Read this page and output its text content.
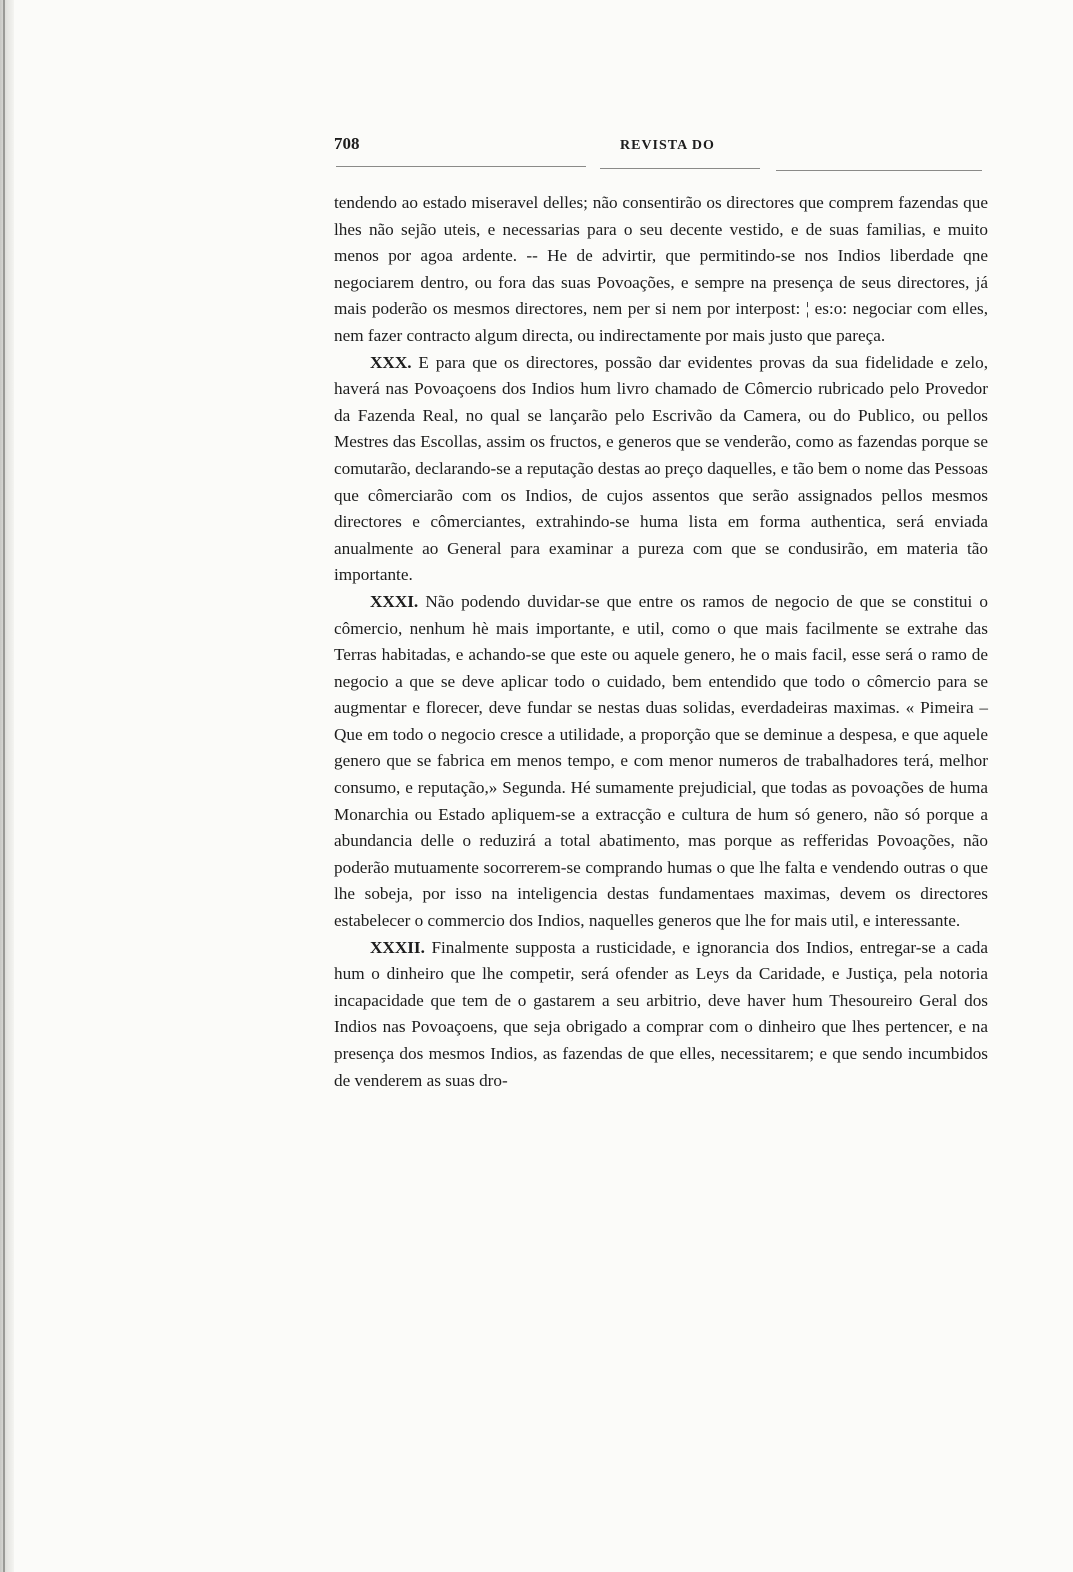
708	REVISTA DO

tendendo ao estado miseravel delles; não consentirão os directores que comprem fazendas que lhes não sejão uteis, e necessarias para o seu decente vestido, e de suas familias, e muito menos por agoa ardente. -- He de advirtir, que permitindo-se nos Indios liberdade qne negociarem dentro, ou fora das suas Povoações, e sempre na presença de seus directores, já mais poderão os mesmos directores, nem per si nem por interpost: ¦ es:o: negociar com elles, nem fazer contracto algum directa, ou indirectamente por mais justo que pareça.

XXX. E para que os directores, possão dar evidentes provas da sua fidelidade e zelo, haverá nas Povoaçoens dos Indios hum livro chamado de Cômercio rubricado pelo Provedor da Fazenda Real, no qual se lançarão pelo Escrivão da Camera, ou do Publico, ou pellos Mestres das Escollas, assim os fructos, e generos que se venderão, como as fazendas porque se comutarão, declarando-se a reputação destas ao preço daquelles, e tão bem o nome das Pessoas que cômerciarão com os Indios, de cujos assentos que serão assignados pellos mesmos directores e cômerciantes, extrahindo-se huma lista em forma authentica, será enviada anualmente ao General para examinar a pureza com que se condusirão, em materia tão importante.

XXXI. Não podendo duvidar-se que entre os ramos de negocio de que se constitui o cômercio, nenhum hè mais importante, e util, como o que mais facilmente se extrahe das Terras habitadas, e achando-se que este ou aquele genero, he o mais facil, esse será o ramo de negocio a que se deve aplicar todo o cuidado, bem entendido que todo o cômercio para se augmentar e florecer, deve fundar se nestas duas solidas, everdadeiras maximas. « Pimeira – Que em todo o negocio cresce a utilidade, a proporção que se deminue a despesa, e que aquele genero que se fabrica em menos tempo, e com menor numeros de trabalhadores terá, melhor consumo, e reputação,» Segunda. Hé sumamente prejudicial, que todas as povoações de huma Monarchia ou Estado apliquem-se a extracção e cultura de hum só genero, não só porque a abundancia delle o reduzirá a total abatimento, mas porque as refferidas Povoações, não poderão mutuamente socorrerem-se comprando humas o que lhe falta e vendendo outras o que lhe sobeja, por isso na inteligencia destas fundamentaes maximas, devem os directores estabelecer o commercio dos Indios, naquelles generos que lhe for mais util, e interessante.

XXXII. Finalmente supposta a rusticidade, e ignorancia dos Indios, entregar-se a cada hum o dinheiro que lhe competir, será ofender as Leys da Caridade, e Justiça, pela notoria incapacidade que tem de o gastarem a seu arbitrio, deve haver hum Thesoureiro Geral dos Indios nas Povoaçoens, que seja obrigado a comprar com o dinheiro que lhes pertencer, e na presença dos mesmos Indios, as fazendas de que elles, necessitarem; e que sendo incumbidos de venderem as suas dro-
